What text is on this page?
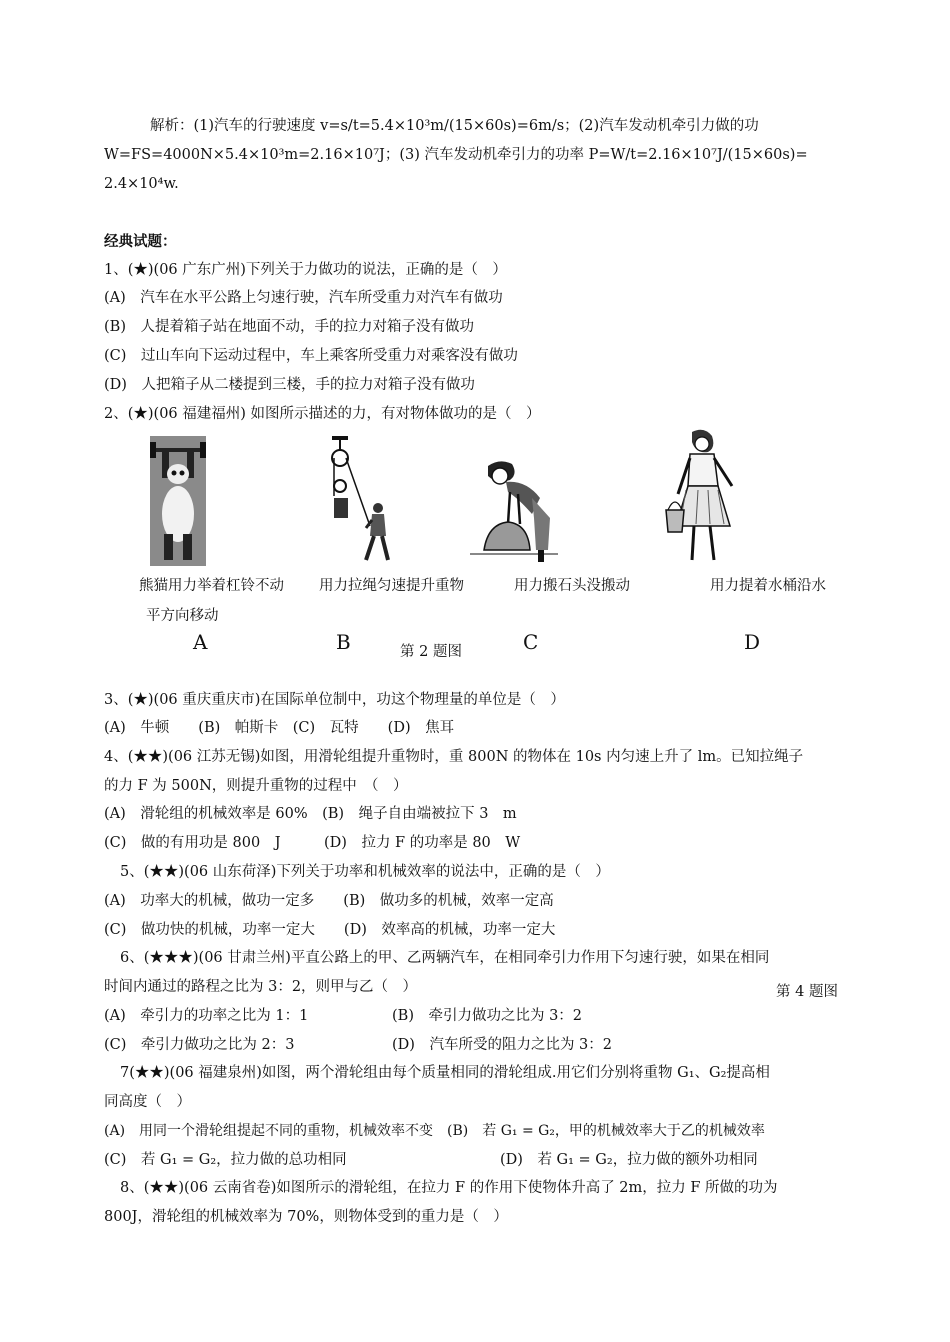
解析：(1)汽车的行驶速度 v=s/t=5.4×10³m/(15×60s)=6m/s；(2)汽车发动机牵引力做的功
W=FS=4000N×5.4×10³m=2.16×10⁷J；(3) 汽车发动机牵引力的功率 P=W/t=2.16×10⁷J/(15×60s)=
2.4×10⁴w.
经典试题：
1、(★)(06 广东广州)下列关于力做功的说法，正确的是（　）
(A)　汽车在水平公路上匀速行驶，汽车所受重力对汽车有做功
(B)　人提着箱子站在地面不动，手的拉力对箱子没有做功
(C)　过山车向下运动过程中，车上乘客所受重力对乘客没有做功
(D)　人把箱子从二楼提到三楼，手的拉力对箱子没有做功
2、(★)(06 福建福州) 如图所示描述的力，有对物体做功的是（　）
熊猫用力举着杠铃不动 用力拉绳匀速提升重物	用力搬石头没搬动	用力提着水桶沿水
平方向移动
A	B	第 2 题图	C	D
3、(★)(06 重庆重庆市)在国际单位制中，功这个物理量的单位是（　）
(A)　牛顿　　(B)　帕斯卡　(C)　瓦特　　(D)　焦耳
4、(★★)(06 江苏无锡)如图，用滑轮组提升重物时，重 800N 的物体在 10s 内匀速上升了 lm。已知拉绳子
的力 F 为 500N，则提升重物的过程中　（　）
(A)　滑轮组的机械效率是 60%　(B)　绳子自由端被拉下 3　m
(C)　做的有用功是 800　J　　　(D)　拉力 F 的功率是 80　W
5、(★★)(06 山东荷泽)下列关于功率和机械效率的说法中，正确的是（　）
(A)　功率大的机械，做功一定多　　(B)　做功多的机械，效率一定高
(C)　做功快的机械，功率一定大　　(D)　效率高的机械，功率一定大
6、(★★★)(06 甘肃兰州)平直公路上的甲、乙两辆汽车，在相同牵引力作用下匀速行驶，如果在相同
时间内通过的路程之比为 3：2，则甲与乙（　）	第 4 题图
(A)　牵引力的功率之比为 1：1	(B)　牵引力做功之比为 3：2
(C)　牵引力做功之比为 2：3	(D)　汽车所受的阻力之比为 3：2
7(★★)(06 福建泉州)如图，两个滑轮组由每个质量相同的滑轮组成.用它们分别将重物 G₁、G₂提高相
同高度（　）
(A)　用同一个滑轮组提起不同的重物，机械效率不变　(B)　若 G₁ = G₂，甲的机械效率大于乙的机械效率
(C)　若 G₁ = G₂，拉力做的总功相同	(D)　若 G₁ = G₂，拉力做的额外功相同
8、(★★)(06 云南省卷)如图所示的滑轮组，在拉力 F 的作用下使物体升高了 2m，拉力 F 所做的功为
800J，滑轮组的机械效率为 70%，则物体受到的重力是（　）
